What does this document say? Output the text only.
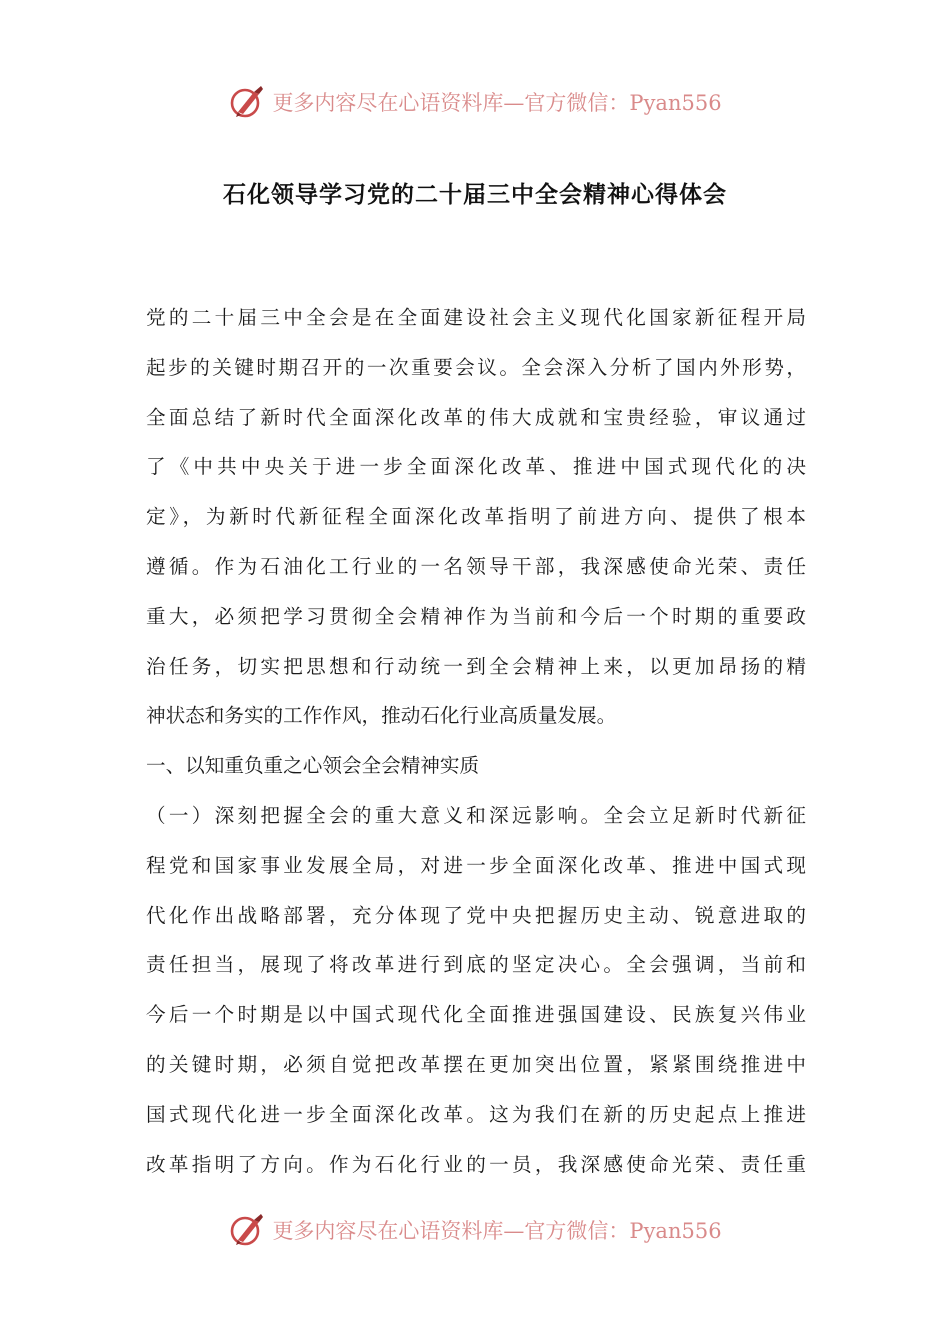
更多内容尽在心语资料库—官方微信：Pyan556
石化领导学习党的二十届三中全会精神心得体会
党的二十届三中全会是在全面建设社会主义现代化国家新征程开局
起步的关键时期召开的一次重要会议。全会深入分析了国内外形势，
全面总结了新时代全面深化改革的伟大成就和宝贵经验，审议通过
了《中共中央关于进一步全面深化改革、推进中国式现代化的决
定》，为新时代新征程全面深化改革指明了前进方向、提供了根本
遵循。作为石油化工行业的一名领导干部，我深感使命光荣、责任
重大，必须把学习贯彻全会精神作为当前和今后一个时期的重要政
治任务，切实把思想和行动统一到全会精神上来，以更加昂扬的精
神状态和务实的工作作风，推动石化行业高质量发展。
一、以知重负重之心领会全会精神实质
（一）深刻把握全会的重大意义和深远影响。全会立足新时代新征
程党和国家事业发展全局，对进一步全面深化改革、推进中国式现
代化作出战略部署，充分体现了党中央把握历史主动、锐意进取的
责任担当，展现了将改革进行到底的坚定决心。全会强调，当前和
今后一个时期是以中国式现代化全面推进强国建设、民族复兴伟业
的关键时期，必须自觉把改革摆在更加突出位置，紧紧围绕推进中
国式现代化进一步全面深化改革。这为我们在新的历史起点上推进
改革指明了方向。作为石化行业的一员，我深感使命光荣、责任重
更多内容尽在心语资料库—官方微信：Pyan556
